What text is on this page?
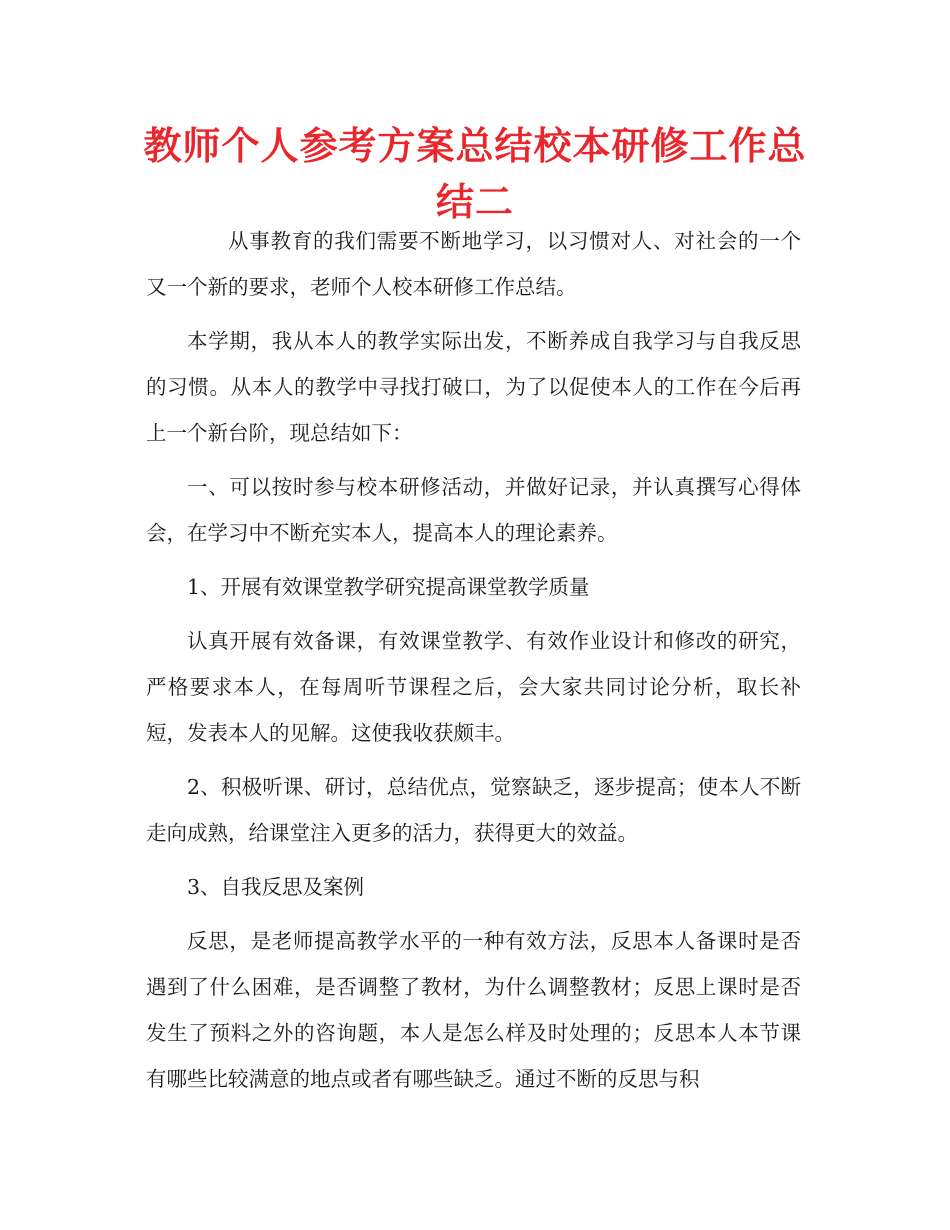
教师个人参考方案总结校本研修工作总结二

从事教育的我们需要不断地学习，以习惯对人、对社会的一个又一个新的要求，老师个人校本研修工作总结。

本学期，我从本人的教学实际出发，不断养成自我学习与自我反思的习惯。从本人的教学中寻找打破口，为了以促使本人的工作在今后再上一个新台阶，现总结如下：

一、可以按时参与校本研修活动，并做好记录，并认真撰写心得体会，在学习中不断充实本人，提高本人的理论素养。

1、开展有效课堂教学研究提高课堂教学质量

认真开展有效备课，有效课堂教学、有效作业设计和修改的研究，严格要求本人，在每周听节课程之后，会大家共同讨论分析，取长补短，发表本人的见解。这使我收获颇丰。

2、积极听课、研讨，总结优点，觉察缺乏，逐步提高；使本人不断走向成熟，给课堂注入更多的活力，获得更大的效益。

3、自我反思及案例

反思，是老师提高教学水平的一种有效方法，反思本人备课时是否遇到了什么困难，是否调整了教材，为什么调整教材；反思上课时是否发生了预料之外的咨询题，本人是怎么样及时处理的；反思本人本节课有哪些比较满意的地点或者有哪些缺乏。通过不断的反思与积
